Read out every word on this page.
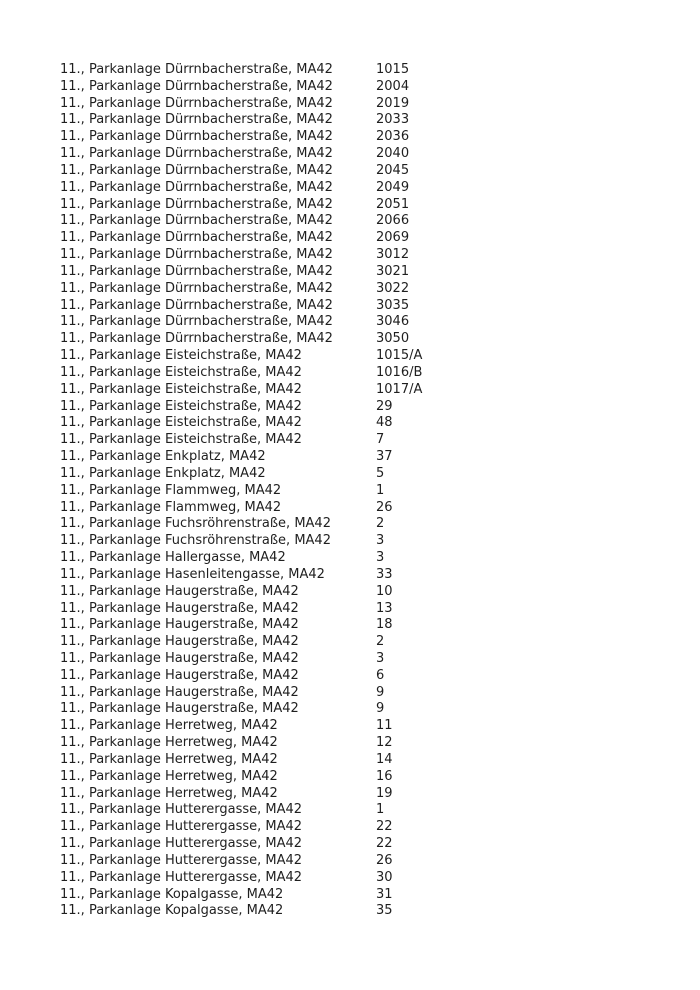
11., Parkanlage Dürrnbacherstraße, MA42	1015
11., Parkanlage Dürrnbacherstraße, MA42	2004
11., Parkanlage Dürrnbacherstraße, MA42	2019
11., Parkanlage Dürrnbacherstraße, MA42	2033
11., Parkanlage Dürrnbacherstraße, MA42	2036
11., Parkanlage Dürrnbacherstraße, MA42	2040
11., Parkanlage Dürrnbacherstraße, MA42	2045
11., Parkanlage Dürrnbacherstraße, MA42	2049
11., Parkanlage Dürrnbacherstraße, MA42	2051
11., Parkanlage Dürrnbacherstraße, MA42	2066
11., Parkanlage Dürrnbacherstraße, MA42	2069
11., Parkanlage Dürrnbacherstraße, MA42	3012
11., Parkanlage Dürrnbacherstraße, MA42	3021
11., Parkanlage Dürrnbacherstraße, MA42	3022
11., Parkanlage Dürrnbacherstraße, MA42	3035
11., Parkanlage Dürrnbacherstraße, MA42	3046
11., Parkanlage Dürrnbacherstraße, MA42	3050
11., Parkanlage Eisteichstraße, MA42	1015/A
11., Parkanlage Eisteichstraße, MA42	1016/B
11., Parkanlage Eisteichstraße, MA42	1017/A
11., Parkanlage Eisteichstraße, MA42	29
11., Parkanlage Eisteichstraße, MA42	48
11., Parkanlage Eisteichstraße, MA42	7
11., Parkanlage Enkplatz, MA42	37
11., Parkanlage Enkplatz, MA42	5
11., Parkanlage Flammweg, MA42	1
11., Parkanlage Flammweg, MA42	26
11., Parkanlage Fuchsröhrenstraße, MA42	2
11., Parkanlage Fuchsröhrenstraße, MA42	3
11., Parkanlage Hallergasse, MA42	3
11., Parkanlage Hasenleitengasse, MA42	33
11., Parkanlage Haugerstraße, MA42	10
11., Parkanlage Haugerstraße, MA42	13
11., Parkanlage Haugerstraße, MA42	18
11., Parkanlage Haugerstraße, MA42	2
11., Parkanlage Haugerstraße, MA42	3
11., Parkanlage Haugerstraße, MA42	6
11., Parkanlage Haugerstraße, MA42	9
11., Parkanlage Haugerstraße, MA42	9
11., Parkanlage Herretweg, MA42	11
11., Parkanlage Herretweg, MA42	12
11., Parkanlage Herretweg, MA42	14
11., Parkanlage Herretweg, MA42	16
11., Parkanlage Herretweg, MA42	19
11., Parkanlage Hutterergasse, MA42	1
11., Parkanlage Hutterergasse, MA42	22
11., Parkanlage Hutterergasse, MA42	22
11., Parkanlage Hutterergasse, MA42	26
11., Parkanlage Hutterergasse, MA42	30
11., Parkanlage Kopalgasse, MA42	31
11., Parkanlage Kopalgasse, MA42	35
